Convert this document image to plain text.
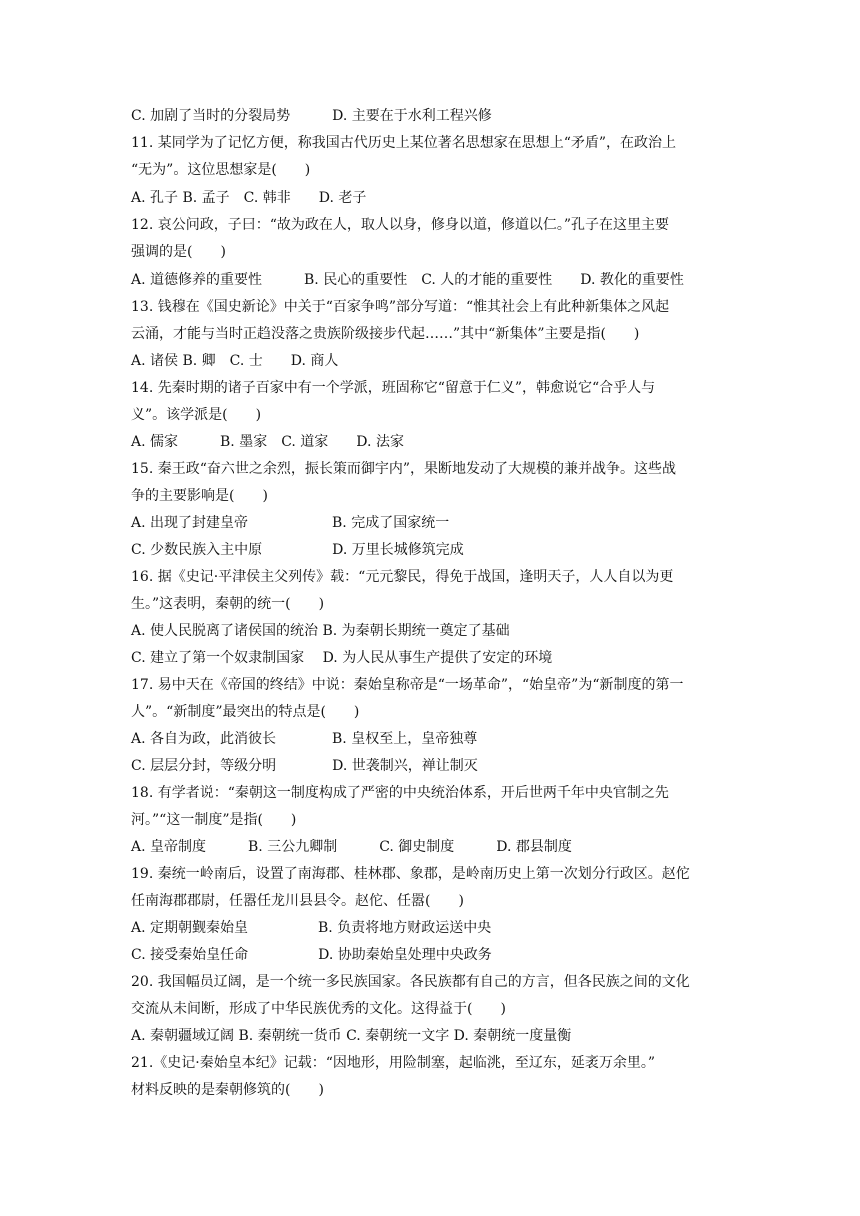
C. 加剧了当时的分裂局势　　　D. 主要在于水利工程兴修
11. 某同学为了记忆方便，称我国古代历史上某位著名思想家在思想上“矛盾”，在政治上
“无为”。这位思想家是(　　)
A. 孔子 B. 孟子　C. 韩非　　D. 老子
12. 哀公问政，子曰：“故为政在人，取人以身，修身以道，修道以仁。”孔子在这里主要
强调的是(　　)
A. 道德修养的重要性　　　B. 民心的重要性　C. 人的才能的重要性　　D. 教化的重要性
13. 钱穆在《国史新论》中关于“百家争鸣”部分写道：“惟其社会上有此种新集体之风起
云涌，才能与当时正趋没落之贵族阶级接步代起……”其中“新集体”主要是指(　　)
A. 诸侯 B. 卿　C. 士　　D. 商人
14. 先秦时期的诸子百家中有一个学派，班固称它“留意于仁义”，韩愈说它“合乎人与
义”。该学派是(　　)
A. 儒家　　　B. 墨家　C. 道家　　D. 法家
15. 秦王政“奋六世之余烈，振长策而御宇内”，果断地发动了大规模的兼并战争。这些战
争的主要影响是(　　)
A. 出现了封建皇帝　　　　　　B. 完成了国家统一
C. 少数民族入主中原　　　　　D. 万里长城修筑完成
16. 据《史记·平津侯主父列传》载：“元元黎民，得免于战国，逢明天子，人人自以为更
生。”这表明，秦朝的统一(　　)
A. 使人民脱离了诸侯国的统治 B. 为秦朝长期统一奠定了基础
C. 建立了第一个奴隶制国家　 D. 为人民从事生产提供了安定的环境
17. 易中天在《帝国的终结》中说：秦始皇称帝是“一场革命”，“始皇帝”为“新制度的第一
人”。“新制度”最突出的特点是(　　)
A. 各自为政，此消彼长　　　　B. 皇权至上，皇帝独尊
C. 层层分封，等级分明　　　　D. 世袭制兴，禅让制灭
18. 有学者说：“秦朝这一制度构成了严密的中央统治体系，开后世两千年中央官制之先
河。”“这一制度”是指(　　)
A. 皇帝制度　　　B. 三公九卿制　　　C. 御史制度　　　D. 郡县制度
19. 秦统一岭南后，设置了南海郡、桂林郡、象郡，是岭南历史上第一次划分行政区。赵佗
任南海郡郡尉，任嚣任龙川县县令。赵佗、任嚣(　　)
A. 定期朝觐秦始皇　　　　　B. 负责将地方财政运送中央
C. 接受秦始皇任命　　　　　D. 协助秦始皇处理中央政务
20. 我国幅员辽阔，是一个统一多民族国家。各民族都有自己的方言，但各民族之间的文化
交流从未间断，形成了中华民族优秀的文化。这得益于(　　)
A. 秦朝疆域辽阔 B. 秦朝统一货币 C. 秦朝统一文字 D. 秦朝统一度量衡
21.《史记·秦始皇本纪》记载：“因地形，用险制塞，起临洮，至辽东，延袤万余里。”
材料反映的是秦朝修筑的(　　)
